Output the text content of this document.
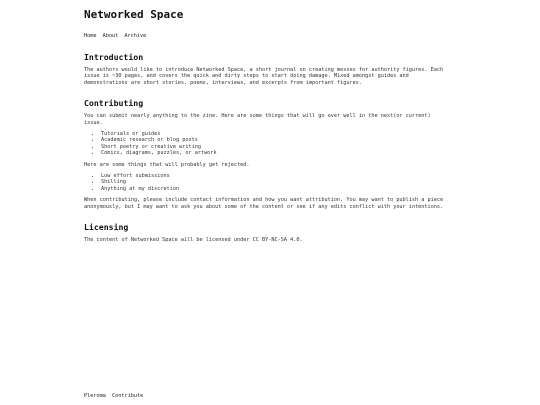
Networked Space
Home About Archive
Introduction

The authors would like to introduce Networked Space, a short journal on creating messes for authority figures. Each issue is ~30 pages, and covers the quick and dirty steps to start doing damage. Mixed amongst guides and demonstrations are short stories, poems, interviews, and excerpts from important figures.

Contributing

You can submit nearly anything to the zine. Here are some things that will go over well in the next(or current) issue.

• Tutorials or guides
• Academic research or blog posts
• Short poetry or creative writing
• Comics, diagrams, puzzles, or artwork

Here are some things that will probably get rejected.

• Low effort submissions
• Shilling
• Anything at my discretion

When contributing, please include contact information and how you want attribution. You may want to publish a piece anonymously, but I may want to ask you about some of the content or see if any edits conflict with your intentions.

Licensing

The content of Networked Space will be licensed under CC BY-NC-SA 4.0.

Pleroma Contribute
